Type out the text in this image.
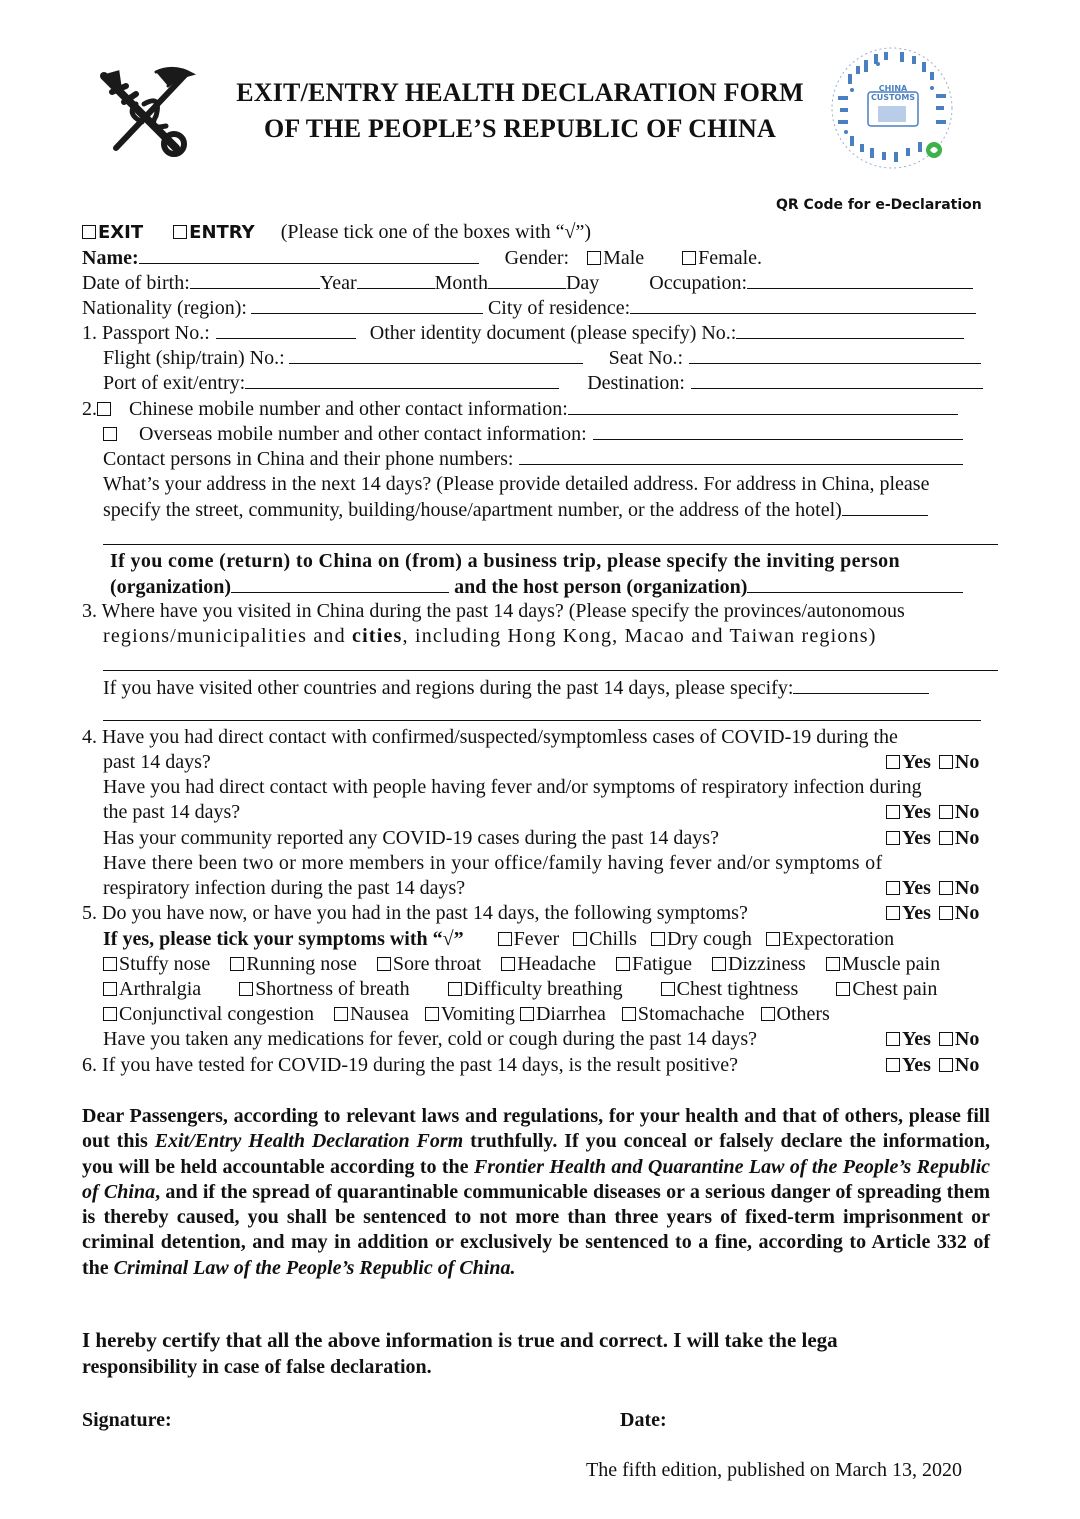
EXIT/ENTRY HEALTH DECLARATION FORM
OF THE PEOPLE’S REPUBLIC OF CHINA
CHINA
CUSTOMS
QR Code for e-Declaration
EXIT	ENTRY (Please tick one of the boxes with “√”)
Name:	Gender: Male	Female.
Date of birth:	Year	Month	Day	Occupation:
Nationality (region):	City of residence:
1. Passport No.:	Other identity document (please specify) No.:
Flight (ship/train) No.:	Seat No.:
Port of exit/entry:	Destination:
2. Chinese mobile number and other contact information:
Overseas mobile number and other contact information:
Contact persons in China and their phone numbers:
What’s your address in the next 14 days? (Please provide detailed address. For address in China, please
specify the street, community, building/house/apartment number, or the address of the hotel)
If you come (return) to China on (from) a business trip, please specify the inviting person
(organization)	and the host person (organization)
3. Where have you visited in China during the past 14 days? (Please specify the provinces/autonomous
regions/municipalities and cities, including Hong Kong, Macao and Taiwan regions)
If you have visited other countries and regions during the past 14 days, please specify:
4. Have you had direct contact with confirmed/suspected/symptomless cases of COVID-19 during the
past 14 days?	Yes No
Have you had direct contact with people having fever and/or symptoms of respiratory infection during
the past 14 days?	Yes No
Has your community reported any COVID-19 cases during the past 14 days?	Yes No
Have there been two or more members in your office/family having fever and/or symptoms of
respiratory infection during the past 14 days?	Yes No
5. Do you have now, or have you had in the past 14 days, the following symptoms?	Yes No
If yes, please tick your symptoms with “√”	Fever Chills Dry cough Expectoration
Stuffy nose Running nose Sore throat Headache Fatigue Dizziness Muscle pain
Arthralgia	Shortness of breath	Difficulty breathing	Chest tightness	Chest pain
Conjunctival congestion Nausea Vomiting Diarrhea Stomachache Others
Have you taken any medications for fever, cold or cough during the past 14 days?	Yes No
6. If you have tested for COVID-19 during the past 14 days, is the result positive?	Yes No
Dear Passengers, according to relevant laws and regulations, for your health and that of others, please fill out this Exit/Entry Health Declaration Form truthfully. If you conceal or falsely declare the information, you will be held accountable according to the Frontier Health and Quarantine Law of the People’s Republic of China, and if the spread of quarantinable communicable diseases or a serious danger of spreading them is thereby caused, you shall be sentenced to not more than three years of fixed-term imprisonment or criminal detention, and may in addition or exclusively be sentenced to a fine, according to Article 332 of the Criminal Law of the People’s Republic of China.
I hereby certify that all the above information is true and correct. I will take the lega
responsibility in case of false declaration.
Signature:	Date:
The fifth edition, published on March 13, 2020
